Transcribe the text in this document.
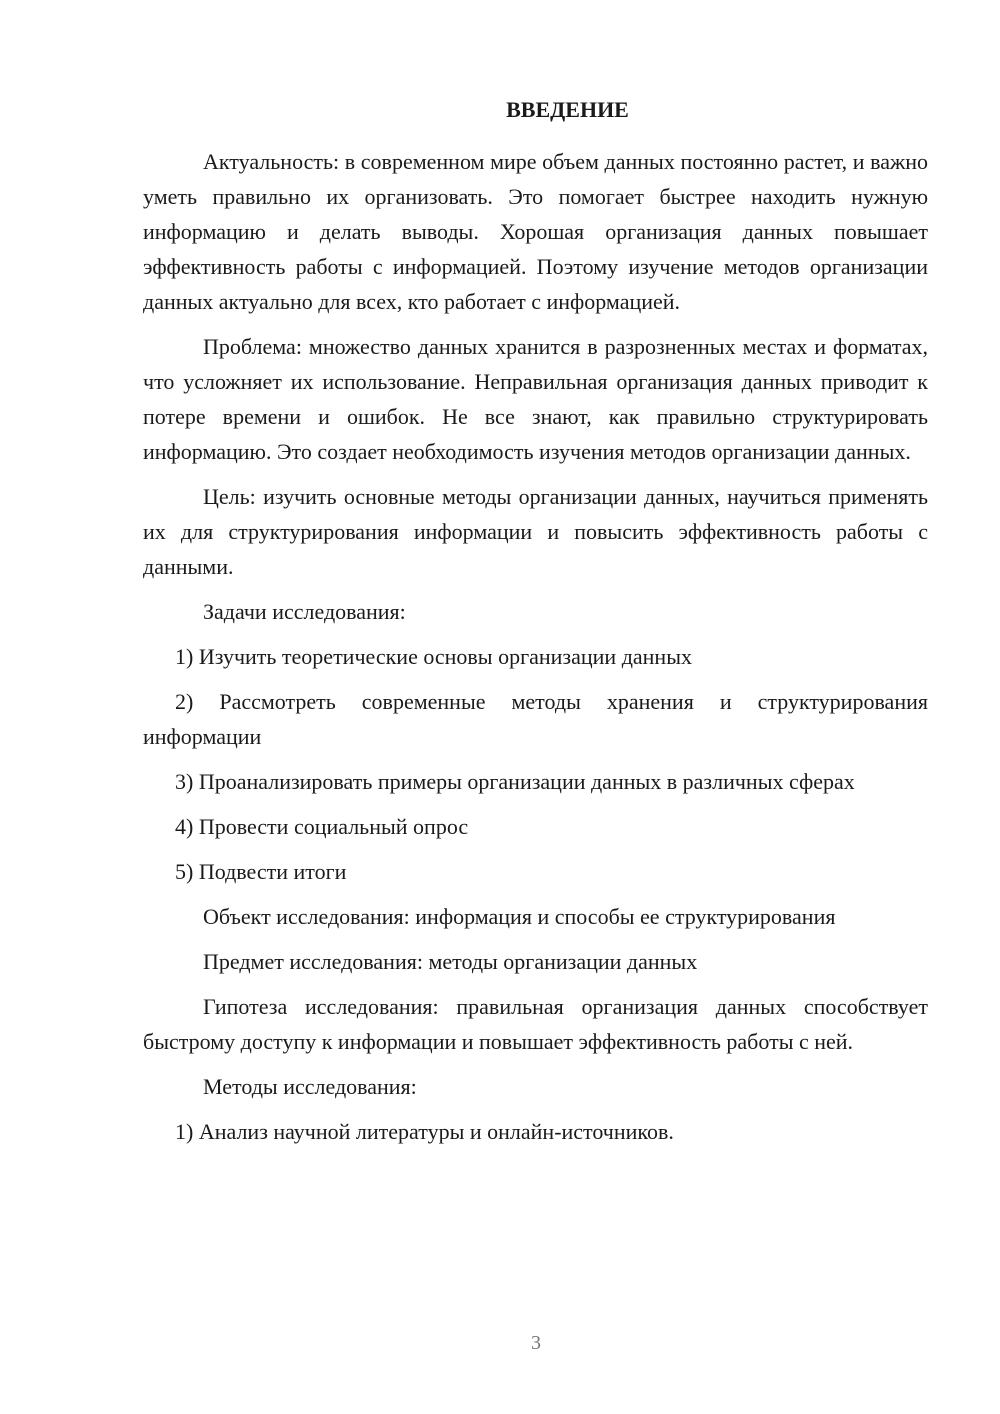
ВВЕДЕНИЕ

Актуальность: в современном мире объем данных постоянно растет, и важно уметь правильно их организовать. Это помогает быстрее находить нужную информацию и делать выводы. Хорошая организация данных повышает эффективность работы с информацией. Поэтому изучение методов организации данных актуально для всех, кто работает с информацией.

Проблема: множество данных хранится в разрозненных местах и форматах, что усложняет их использование. Неправильная организация данных приводит к потере времени и ошибок. Не все знают, как правильно структурировать информацию. Это создает необходимость изучения методов организации данных.

Цель: изучить основные методы организации данных, научиться применять их для структурирования информации и повысить эффективность работы с данными.

Задачи исследования:

1) Изучить теоретические основы организации данных

2) Рассмотреть современные методы хранения и структурирования информации

3) Проанализировать примеры организации данных в различных сферах

4) Провести социальный опрос

5) Подвести итоги

Объект исследования: информация и способы ее структурирования

Предмет исследования: методы организации данных

Гипотеза исследования: правильная организация данных способствует быстрому доступу к информации и повышает эффективность работы с ней.

Методы исследования:

1) Анализ научной литературы и онлайн-источников.

3
